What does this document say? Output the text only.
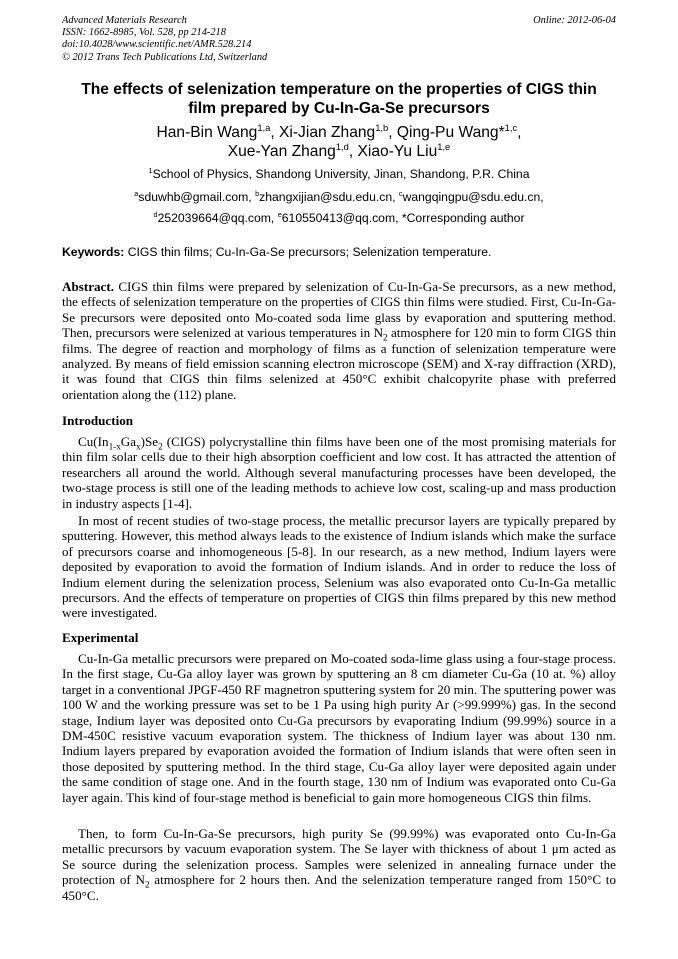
Advanced Materials Research
ISSN: 1662-8985, Vol. 528, pp 214-218
doi:10.4028/www.scientific.net/AMR.528.214
© 2012 Trans Tech Publications Ltd, Switzerland
Online: 2012-06-04
The effects of selenization temperature on the properties of CIGS thin
film prepared by Cu-In-Ga-Se precursors
Han-Bin Wang$^{1,a}$, Xi-Jian Zhang$^{1,b}$, Qing-Pu Wang*$^{1,c}$,
Xue-Yan Zhang$^{1,d}$, Xiao-Yu Liu$^{1,e}$
$^1$School of Physics, Shandong University, Jinan, Shandong, P.R. China
$^a$sduwhb@gmail.com, $^b$zhangxijian@sdu.edu.cn, $^c$wangqingpu@sdu.edu.cn,
$^d$252039664@qq.com, $^e$610550413@qq.com, *Corresponding author
Keywords: CIGS thin films; Cu-In-Ga-Se precursors; Selenization temperature.

Abstract. CIGS thin films were prepared by selenization of Cu-In-Ga-Se precursors, as a new method, the effects of selenization temperature on the properties of CIGS thin films were studied. First, Cu-In-Ga-Se precursors were deposited onto Mo-coated soda lime glass by evaporation and sputtering method. Then, precursors were selenized at various temperatures in $N_2$ atmosphere for 120 min to form CIGS thin films. The degree of reaction and morphology of films as a function of selenization temperature were analyzed. By means of field emission scanning electron microscope (SEM) and X-ray diffraction (XRD), it was found that CIGS thin films selenized at 450°C exhibit chalcopyrite phase with preferred orientation along the (112) plane.

Introduction

$Cu(In_{1-x}Ga_x)Se_2$ (CIGS) polycrystalline thin films have been one of the most promising materials for thin film solar cells due to their high absorption coefficient and low cost. It has attracted the attention of researchers all around the world. Although several manufacturing processes have been developed, the two-stage process is still one of the leading methods to achieve low cost, scaling-up and mass production in industry aspects [1-4].

In most of recent studies of two-stage process, the metallic precursor layers are typically prepared by sputtering. However, this method always leads to the existence of Indium islands which make the surface of precursors coarse and inhomogeneous [5-8]. In our research, as a new method, Indium layers were deposited by evaporation to avoid the formation of Indium islands. And in order to reduce the loss of Indium element during the selenization process, Selenium was also evaporated onto Cu-In-Ga metallic precursors. And the effects of temperature on properties of CIGS thin films prepared by this new method were investigated.

Experimental

Cu-In-Ga metallic precursors were prepared on Mo-coated soda-lime glass using a four-stage process. In the first stage, Cu-Ga alloy layer was grown by sputtering an 8 cm diameter Cu-Ga (10 at. %) alloy target in a conventional JPGF-450 RF magnetron sputtering system for 20 min. The sputtering power was 100 W and the working pressure was set to be 1 Pa using high purity Ar (>99.999%) gas. In the second stage, Indium layer was deposited onto Cu-Ga precursors by evaporating Indium (99.99%) source in a DM-450C resistive vacuum evaporation system. The thickness of Indium layer was about 130 nm. Indium layers prepared by evaporation avoided the formation of Indium islands that were often seen in those deposited by sputtering method. In the third stage, Cu-Ga alloy layer were deposited again under the same condition of stage one. And in the fourth stage, 130 nm of Indium was evaporated onto Cu-Ga layer again. This kind of four-stage method is beneficial to gain more homogeneous CIGS thin films.

Then, to form Cu-In-Ga-Se precursors, high purity Se (99.99%) was evaporated onto Cu-In-Ga metallic precursors by vacuum evaporation system. The Se layer with thickness of about 1 μm acted as Se source during the selenization process. Samples were selenized in annealing furnace under the protection of $N_2$ atmosphere for 2 hours then. And the selenization temperature ranged from 150°C to 450°C.
